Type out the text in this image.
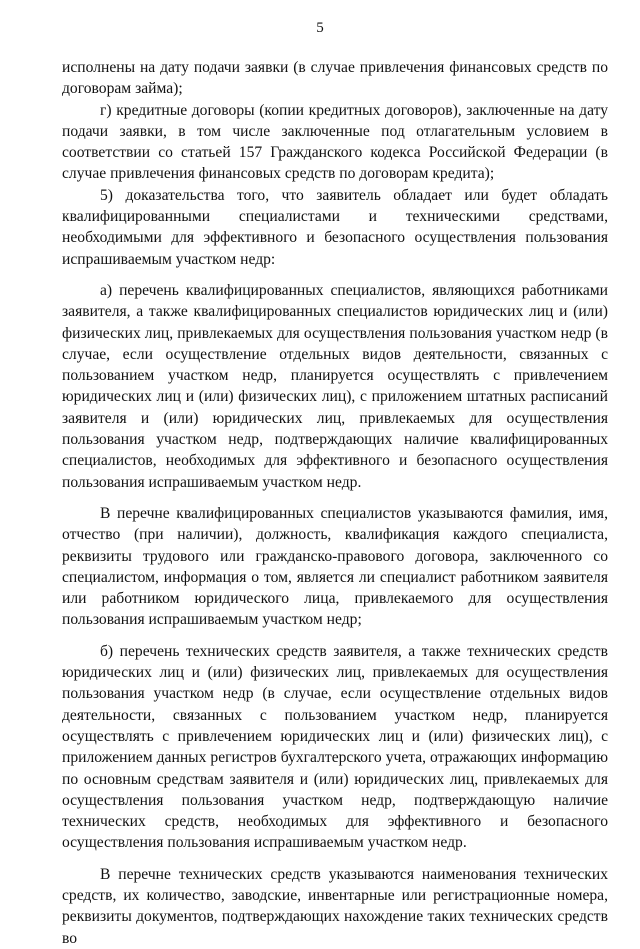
5

исполнены на дату подачи заявки (в случае привлечения финансовых средств по договорам займа);

г) кредитные договоры (копии кредитных договоров), заключенные на дату подачи заявки, в том числе заключенные под отлагательным условием в соответствии со статьей 157 Гражданского кодекса Российской Федерации (в случае привлечения финансовых средств по договорам кредита);

5) доказательства того, что заявитель обладает или будет обладать квалифицированными специалистами и техническими средствами, необходимыми для эффективного и безопасного осуществления пользования испрашиваемым участком недр:

а) перечень квалифицированных специалистов, являющихся работниками заявителя, а также квалифицированных специалистов юридических лиц и (или) физических лиц, привлекаемых для осуществления пользования участком недр (в случае, если осуществление отдельных видов деятельности, связанных с пользованием участком недр, планируется осуществлять с привлечением юридических лиц и (или) физических лиц), с приложением штатных расписаний заявителя и (или) юридических лиц, привлекаемых для осуществления пользования участком недр, подтверждающих наличие квалифицированных специалистов, необходимых для эффективного и безопасного осуществления пользования испрашиваемым участком недр.

В перечне квалифицированных специалистов указываются фамилия, имя, отчество (при наличии), должность, квалификация каждого специалиста, реквизиты трудового или гражданско-правового договора, заключенного со специалистом, информация о том, является ли специалист работником заявителя или работником юридического лица, привлекаемого для осуществления пользования испрашиваемым участком недр;

б) перечень технических средств заявителя, а также технических средств юридических лиц и (или) физических лиц, привлекаемых для осуществления пользования участком недр (в случае, если осуществление отдельных видов деятельности, связанных с пользованием участком недр, планируется осуществлять с привлечением юридических лиц и (или) физических лиц), с приложением данных регистров бухгалтерского учета, отражающих информацию по основным средствам заявителя и (или) юридических лиц, привлекаемых для осуществления пользования участком недр, подтверждающую наличие технических средств, необходимых для эффективного и безопасного осуществления пользования испрашиваемым участком недр.

В перечне технических средств указываются наименования технических средств, их количество, заводские, инвентарные или регистрационные номера, реквизиты документов, подтверждающих нахождение таких технических средств во
